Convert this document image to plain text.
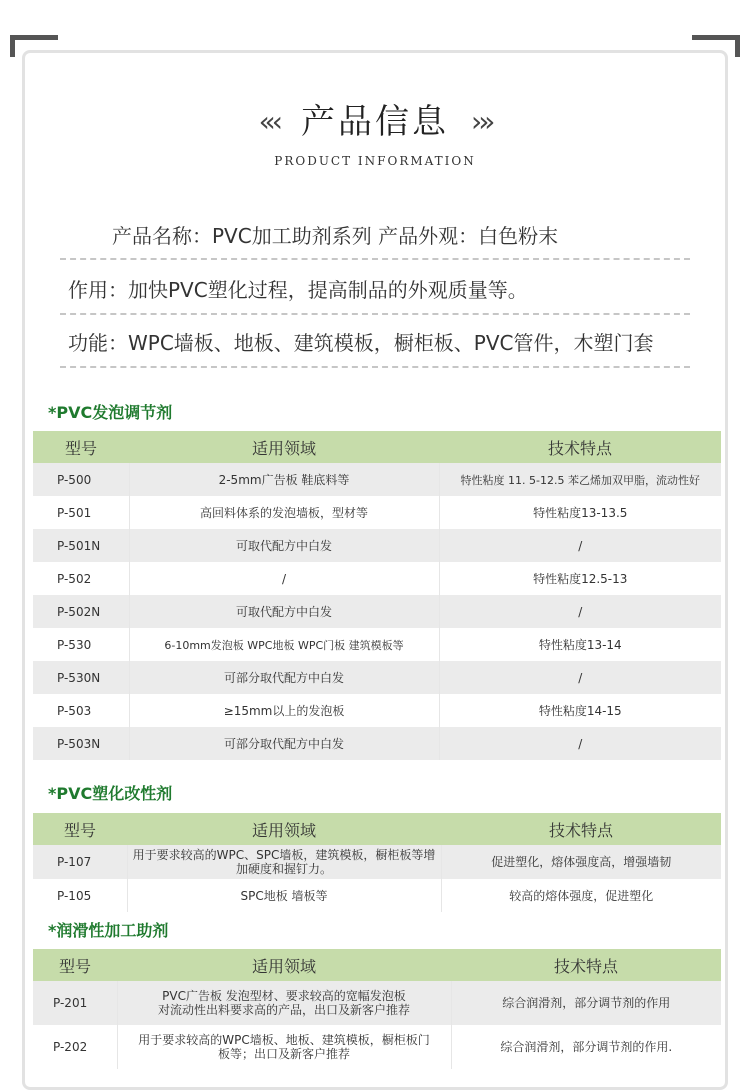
«‹ 产品信息 ›»
PRODUCT INFORMATION
产品名称：PVC加工助剂系列 产品外观：白色粉末
作用：加快PVC塑化过程，提高制品的外观质量等。
功能：WPC墙板、地板、建筑模板，橱柜板、PVC管件，木塑门套
*PVC发泡调节剂
型号	适用领域	技术特点
P-500	2-5mm广告板 鞋底料等	特性粘度 11. 5-12.5 苯乙烯加双甲脂，流动性好
P-501	高回料体系的发泡墙板，型材等	特性粘度13-13.5
P-501N	可取代配方中白发	/
P-502	/	特性粘度12.5-13
P-502N	可取代配方中白发	/
P-530	6-10mm发泡板 WPC地板 WPC门板 建筑模板等	特性粘度13-14
P-530N	可部分取代配方中白发	/
P-503	≥15mm以上的发泡板	特性粘度14-15
P-503N	可部分取代配方中白发	/
*PVC塑化改性剂
型号	适用领域	技术特点
P-107	用于要求较高的WPC、SPC墙板，建筑模板，橱柜板等增加硬度和握钉力。	促进塑化，熔体强度高，增强墙韧
P-105	SPC地板 墙板等	较高的熔体强度，促进塑化
*润滑性加工助剂
型号	适用领域	技术特点
P-201	PVC广告板 发泡型材、要求较高的宽幅发泡板对流动性出料要求高的产品，出口及新客户推荐	综合润滑剂，部分调节剂的作用
P-202	用于要求较高的WPC墙板、地板、建筑模板，橱柜板门板等；出口及新客户推荐	综合润滑剂，部分调节剂的作用.
